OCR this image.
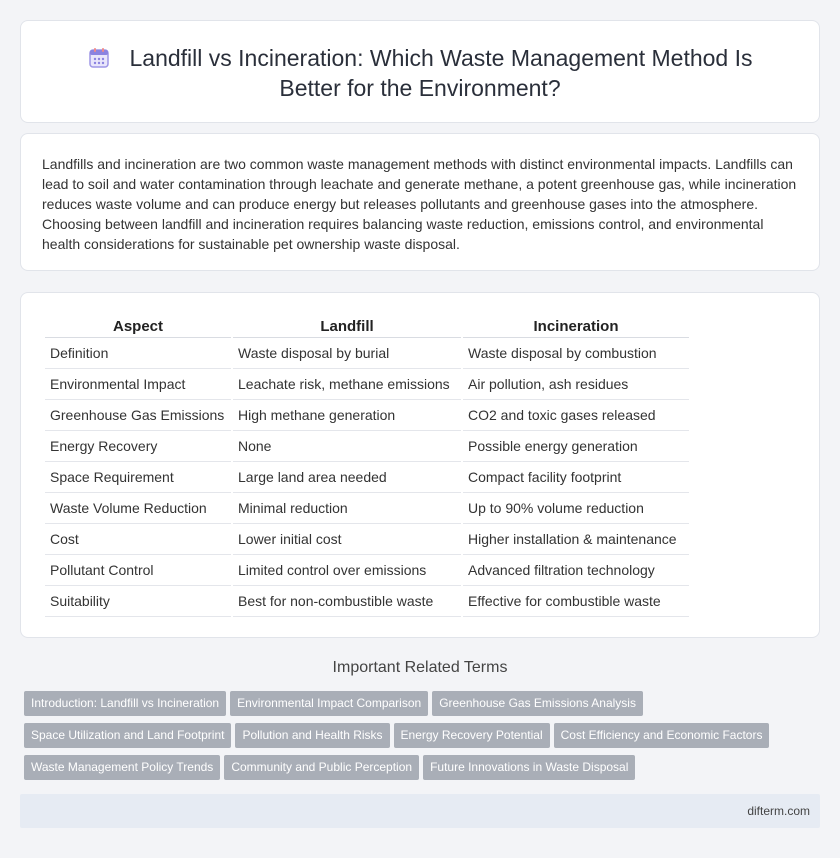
Landfill vs Incineration: Which Waste Management Method Is Better for the Environment?

Landfills and incineration are two common waste management methods with distinct environmental impacts. Landfills can lead to soil and water contamination through leachate and generate methane, a potent greenhouse gas, while incineration reduces waste volume and can produce energy but releases pollutants and greenhouse gases into the atmosphere. Choosing between landfill and incineration requires balancing waste reduction, emissions control, and environmental health considerations for sustainable pet ownership waste disposal.

Aspect	Landfill	Incineration
Definition	Waste disposal by burial	Waste disposal by combustion
Environmental Impact	Leachate risk, methane emissions	Air pollution, ash residues
Greenhouse Gas Emissions	High methane generation	CO2 and toxic gases released
Energy Recovery	None	Possible energy generation
Space Requirement	Large land area needed	Compact facility footprint
Waste Volume Reduction	Minimal reduction	Up to 90% volume reduction
Cost	Lower initial cost	Higher installation & maintenance
Pollutant Control	Limited control over emissions	Advanced filtration technology
Suitability	Best for non-combustible waste	Effective for combustible waste
Important Related Terms
Introduction: Landfill vs Incineration Environmental Impact Comparison Greenhouse Gas Emissions Analysis
Space Utilization and Land Footprint Pollution and Health Risks Energy Recovery Potential Cost Efficiency and Economic Factors
Waste Management Policy Trends Community and Public Perception Future Innovations in Waste Disposal
difterm.com
